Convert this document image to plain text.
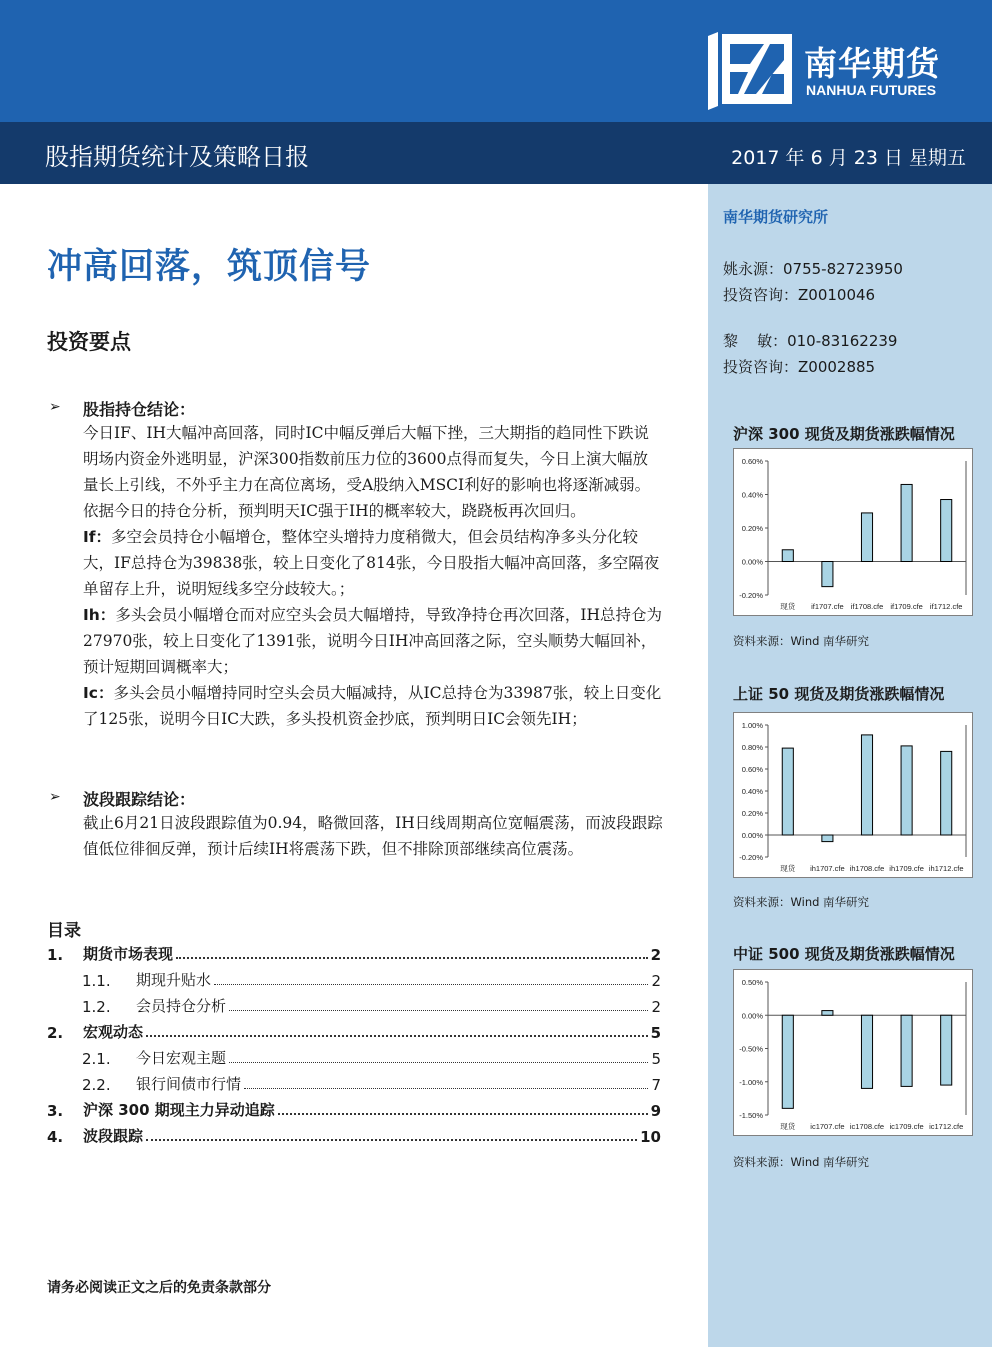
南华期货
NANHUA FUTURES
股指期货统计及策略日报	2017 年 6 月 23 日 星期五
南华期货研究所
姚永源：0755-82723950
投资咨询：Z0010046
黎    敏：010-83162239
投资咨询：Z0002885
沪深 300 现货及期货涨跌幅情况
0.60%
0.40%
0.20%
0.00%
-0.20%
现货 if1707.cfe if1708.cfe if1709.cfe if1712.cfe
资料来源：Wind 南华研究
上证 50 现货及期货涨跌幅情况
1.00%
0.80%
0.60%
0.40%
0.20%
0.00%
-0.20%
现货 ih1707.cfe ih1708.cfe ih1709.cfe ih1712.cfe
资料来源：Wind 南华研究
中证 500 现货及期货涨跌幅情况
0.50%
0.00%
-0.50%
-1.00%
-1.50%
现货 ic1707.cfe ic1708.cfe ic1709.cfe ic1712.cfe
资料来源：Wind 南华研究
冲高回落，筑顶信号
投资要点
➢ 股指持仓结论：
今日IF、IH大幅冲高回落，同时IC中幅反弹后大幅下挫，三大期指的趋同性下跌说明场内资金外逃明显，沪深300指数前压力位的3600点得而复失，今日上演大幅放量长上引线，不外乎主力在高位离场，受A股纳入MSCI利好的影响也将逐渐减弱。依据今日的持仓分析，预判明天IC强于IH的概率较大，跷跷板再次回归。
If：多空会员持仓小幅增仓，整体空头增持力度稍微大，但会员结构净多头分化较大，IF总持仓为39838张，较上日变化了814张，今日股指大幅冲高回落，多空隔夜单留存上升，说明短线多空分歧较大。；
Ih：多头会员小幅增仓而对应空头会员大幅增持，导致净持仓再次回落，IH总持仓为27970张，较上日变化了1391张，说明今日IH冲高回落之际，空头顺势大幅回补，预计短期回调概率大；
Ic：多头会员小幅增持同时空头会员大幅减持，从IC总持仓为33987张，较上日变化了125张，说明今日IC大跌，多头投机资金抄底，预判明日IC会领先IH；
➢ 波段跟踪结论：
截止6月21日波段跟踪值为0.94，略微回落，IH日线周期高位宽幅震荡，而波段跟踪值低位徘徊反弹，预计后续IH将震荡下跌，但不排除顶部继续高位震荡。
目录
1.	期货市场表现	2
1.1.	期现升贴水	2
1.2.	会员持仓分析	2
2.	宏观动态	5
2.1.	今日宏观主题	5
2.2.	银行间债市行情	7
3.	沪深 300 期现主力异动追踪	9
4.	波段跟踪	10
请务必阅读正文之后的免责条款部分
